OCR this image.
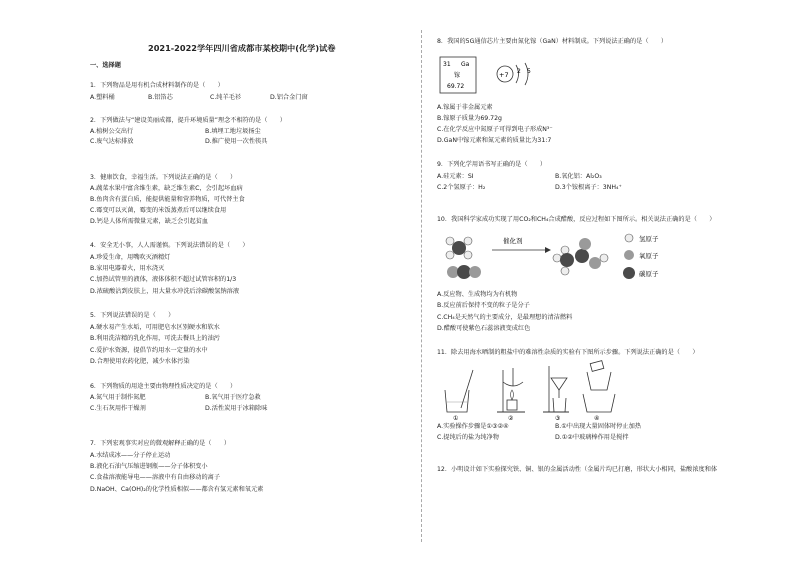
2021-2022学年四川省成都市某校期中(化学)试卷
一、选择题
1．下列物品是用有机合成材料制作的是（　　）
A.塑料桶	B.铝箔芯	C.纯羊毛衫	D.铝合金门窗
2．下列做法与“建设美丽成都，提升环境质量”理念不相符的是（　　）
A.植树公交出行	B.填埋工地垃圾扬尘
C.废气达标排放	D.推广使用一次性筷具
3．健康饮食，幸福生活。下列说法正确的是（　　）
A.蔬菜水果中富含维生素，缺乏维生素C，会引起坏血病
B.鱼肉含有蛋白质，能提供能量和营养物质，可代替主食
C.霉变可以灭菌，霉变的米饭蒸煮后可以继续食用
D.钙是人体所需微量元素，缺乏会引起贫血
4．安全无小事，人人需谨慎。下列说法错误的是（　　）
A.珍爱生命，用嘴吹灭酒精灯
B.家用电器着火，用水浇灭
C.加热试管里的液体，液体体积不超过试管容积的1/3
D.浓硫酸沾到皮肤上，用大量水冲洗后涂碳酸氢钠溶液
5．下列说法错误的是（　　）
A.硬水易产生水垢，可用肥皂水区别硬水和软水
B.利用洗洁精的乳化作用，可洗去餐具上的油污
C.爱护水资源，提倡节约用水一定量的水中
D.合理使用农药化肥，减少水体污染
6．下列物质的用途主要由物理性质决定的是（　　）
A.氮气用于制作氮肥	B.氧气用于医疗急救
C.生石灰用作干燥剂	D.活性炭用于冰箱除味
7．下列宏观事实对应的微观解释正确的是（　　）
A.水结成冰——分子停止运动
B.液化石油气压缩进钢瓶——分子体积变小
C.食盐溶液能导电——溶液中有自由移动的离子
D.NaOH、Ca(OH)₂的化学性质相似——都含有氢元素和氧元素
8．我国的5G通信芯片主要由氮化镓（GaN）材料制成。下列说法正确的是（　　）
31 Ga
镓
69.72
+7 2 5
A.镓属于非金属元素
B.镓原子质量为69.72g
C.在化学反应中氮原子可得到电子形成N³⁻
D.GaN中镓元素和氮元素的质量比为31:7
9．下列化学用语书写正确的是（　　）
A.硅元素：SI	B.氧化铝：Al₂O₃
C.2个氢原子：H₂	D.3个铵根离子：3NH₄⁺
10．我国科学家成功实现了用CO₂和CH₄合成醋酸，反应过程如下图所示。相关说法正确的是（　　）
催化剂	氢原子
氧原子
碳原子
A.反应物、生成物均为有机物
B.反应前后保持不变的粒子是分子
C.CH₄是天然气的主要成分，是最理想的清洁燃料
D.醋酸可使紫色石蕊溶液变成红色
11．除去用海水晒制的粗盐中的难溶性杂质的实验有下图所示步骤。下列说法正确的是（　　）
①	②	③	④
A.实验操作步骤是①③②④	B.①中出现大量固体时停止加热
C.提纯后的盐为纯净物	D.①②中玻璃棒作用是搅拌
12．小明设计如下实验探究铁、铜、银的金属活动性（金属片均已打磨，形状大小相同，盐酸浓度和体
